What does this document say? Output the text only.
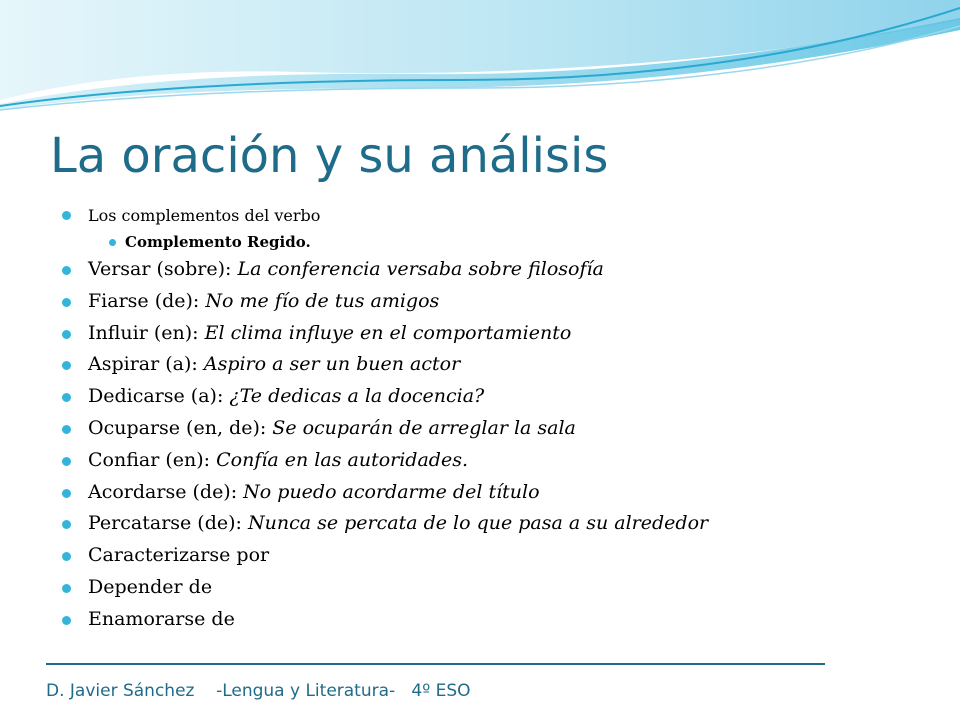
La oración y su análisis
Los complementos del verbo
Complemento Regido.
Versar (sobre): La conferencia versaba sobre filosofía
Fiarse (de): No me fío de tus amigos
Influir (en): El clima influye en el comportamiento
Aspirar (a): Aspiro a ser un buen actor
Dedicarse (a): ¿Te dedicas a la docencia?
Ocuparse (en, de): Se ocuparán de arreglar la sala
Confiar (en): Confía en las autoridades.
Acordarse (de): No puedo acordarme del título
Percatarse (de): Nunca se percata de lo que pasa a su alrededor
Caracterizarse por
Depender de
Enamorarse de
D. Javier Sánchez    -Lengua y Literatura-   4º ESO
